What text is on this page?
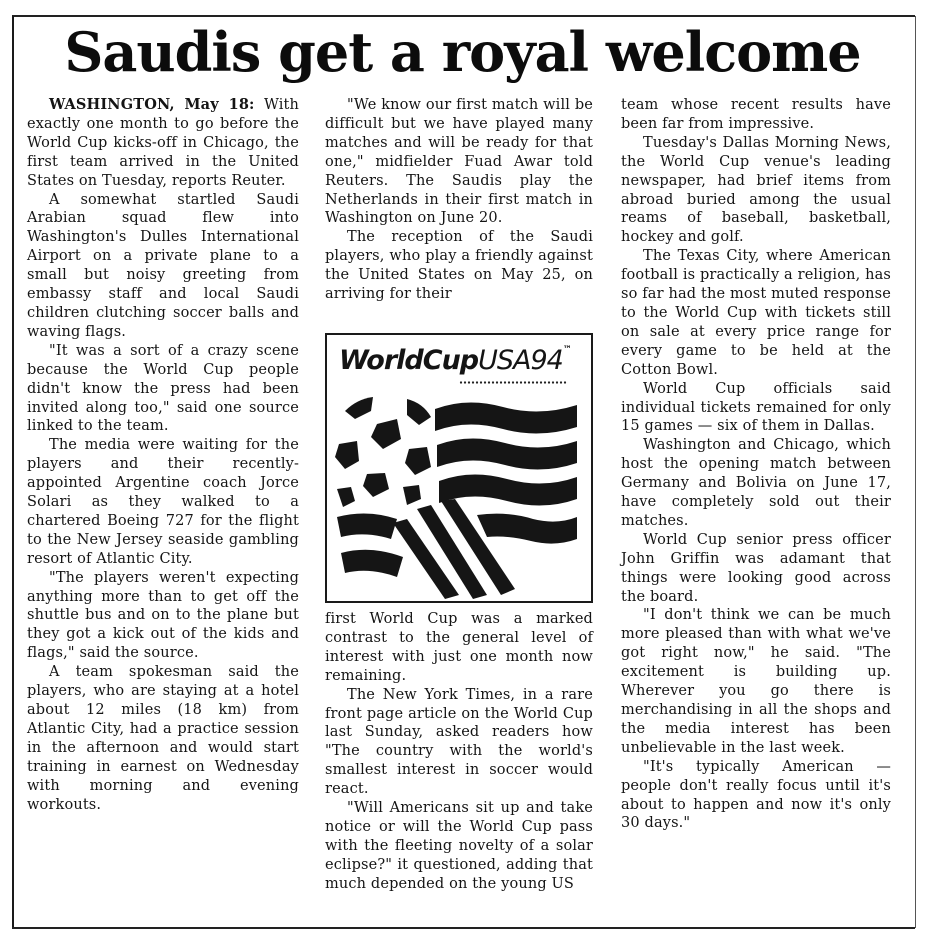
Saudis get a royal welcome

WASHINGTON, May 18: With exactly one month to go before the World Cup kicks-off in Chicago, the first team arrived in the United States on Tuesday, reports Reuter.

A somewhat startled Saudi Arabian squad flew into Washington's Dulles International Airport on a private plane to a small but noisy greeting from embassy staff and local Saudi children clutching soccer balls and waving flags.

"It was a sort of a crazy scene because the World Cup people didn't know the press had been invited along too," said one source linked to the team.

The media were waiting for the players and their recently-appointed Argentine coach Jorce Solari as they walked to a chartered Boeing 727 for the flight to the New Jersey seaside gambling resort of Atlantic City.

"The players weren't expecting anything more than to get off the shuttle bus and on to the plane but they got a kick out of the kids and flags," said the source.

A team spokesman said the players, who are staying at a hotel about 12 miles (18 km) from Atlantic City, had a practice session in the afternoon and would start training in earnest on Wednesday with morning and evening workouts.

"We know our first match will be difficult but we have played many matches and will be ready for that one," midfielder Fuad Awar told Reuters. The Saudis play the Netherlands in their first match in Washington on June 20.

The reception of the Saudi players, who play a friendly against the United States on May 25, on arriving for their

WorldCupUSA94™

first World Cup was a marked contrast to the general level of interest with just one month now remaining.

The New York Times, in a rare front page article on the World Cup last Sunday, asked readers how "The country with the world's smallest interest in soccer would react.

"Will Americans sit up and take notice or will the World Cup pass with the fleeting novelty of a solar eclipse?" it questioned, adding that much depended on the young US

team whose recent results have been far from impressive.

Tuesday's Dallas Morning News, the World Cup venue's leading newspaper, had brief items from abroad buried among the usual reams of baseball, basketball, hockey and golf.

The Texas City, where American football is practically a religion, has so far had the most muted response to the World Cup with tickets still on sale at every price range for every game to be held at the Cotton Bowl.

World Cup officials said individual tickets remained for only 15 games — six of them in Dallas.

Washington and Chicago, which host the opening match between Germany and Bolivia on June 17, have completely sold out their matches.

World Cup senior press officer John Griffin was adamant that things were looking good across the board.

"I don't think we can be much more pleased than with what we've got right now," he said. "The excitement is building up. Wherever you go there is merchandising in all the shops and the media interest has been unbelievable in the last week.

"It's typically American — people don't really focus until it's about to happen and now it's only 30 days."
